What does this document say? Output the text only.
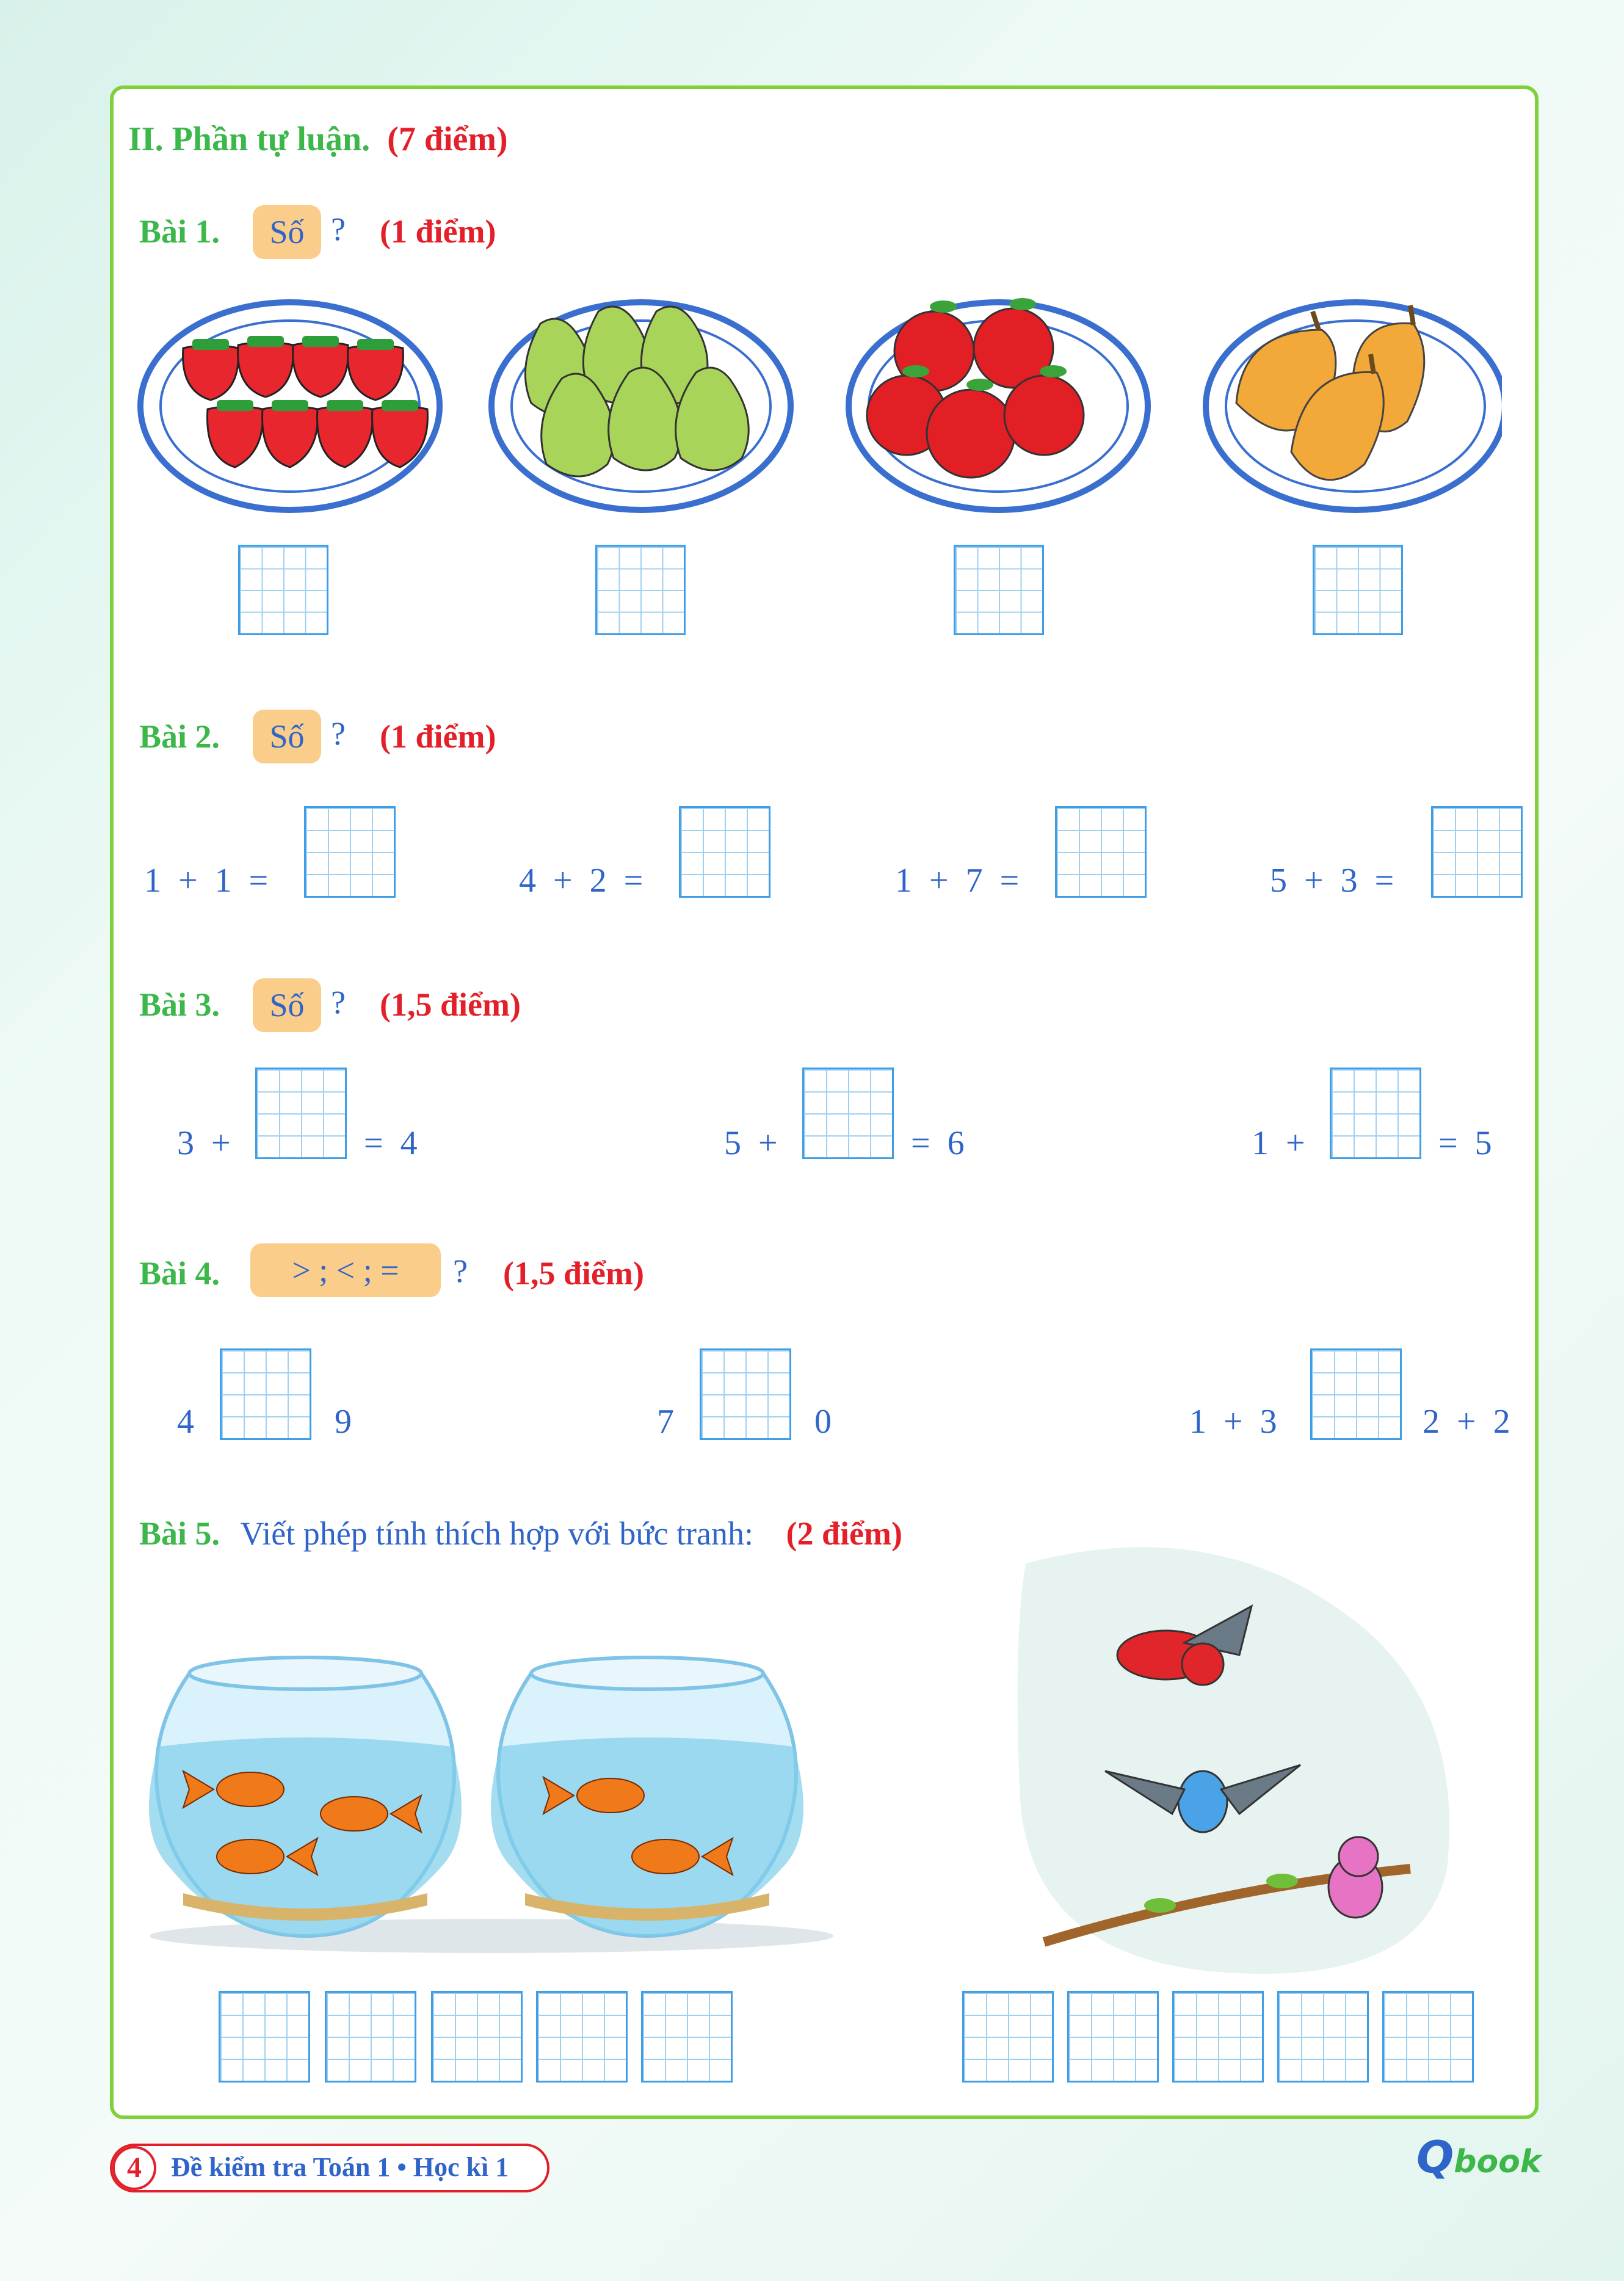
II. Phần tự luận. (7 điểm)
Bài 1.	Số ? (1 điểm)
Bài 2.	Số ? (1 điểm)
1  +  1  =	4  +  2  =	1  +  7  =	5  +  3  =
Bài 3.	Số ? (1,5 điểm)
3  +	=  4	5  +	=  6	1  +	=  5
Bài 4.	> ; < ; =	? (1,5 điểm)
4	9	7	0	1  +  3	2  +  2
Bài 5. Viết phép tính thích hợp với bức tranh: (2 điểm)
4	Đề kiểm tra Toán 1 • Học kì 1	Qbook
